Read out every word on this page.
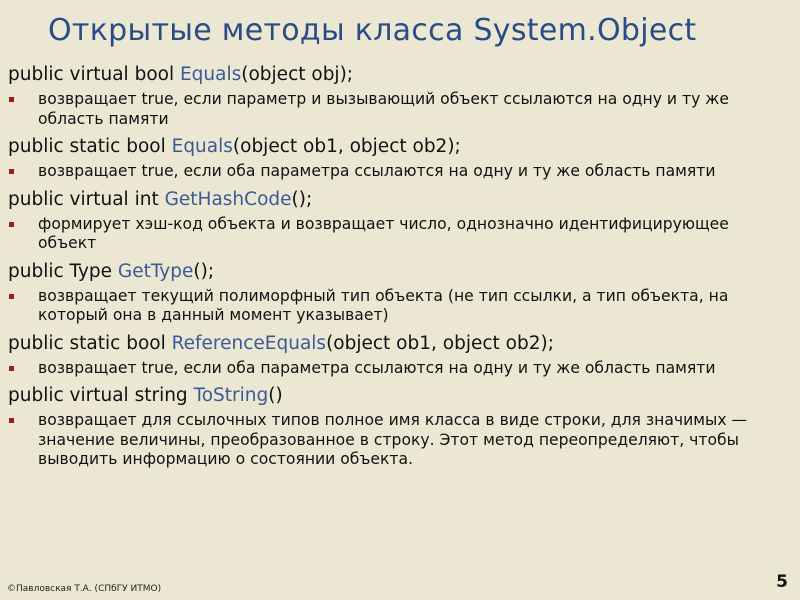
Открытые методы класса System.Object

public virtual bool Equals(object obj);

возвращает true, если параметр и вызывающий объект ссылаются на одну и ту же область памяти

public static bool Equals(object ob1, object ob2);

возвращает true, если оба параметра ссылаются на одну и ту же область памяти

public virtual int GetHashCode();

формирует хэш-код объекта и возвращает число, однозначно идентифицирующее объект

public Type GetType();

возвращает текущий полиморфный тип объекта (не тип ссылки, а тип объекта, на который она в данный момент указывает)

public static bool ReferenceEquals(object ob1, object ob2);

возвращает true, если оба параметра ссылаются на одну и ту же область памяти

public virtual string ToString()

возвращает для ссылочных типов полное имя класса в виде строки, для значимых — значение величины, преобразованное в строку. Этот метод переопределяют, чтобы выводить информацию о состоянии объекта.
©Павловская Т.А. (СПбГУ ИТМО)	5
